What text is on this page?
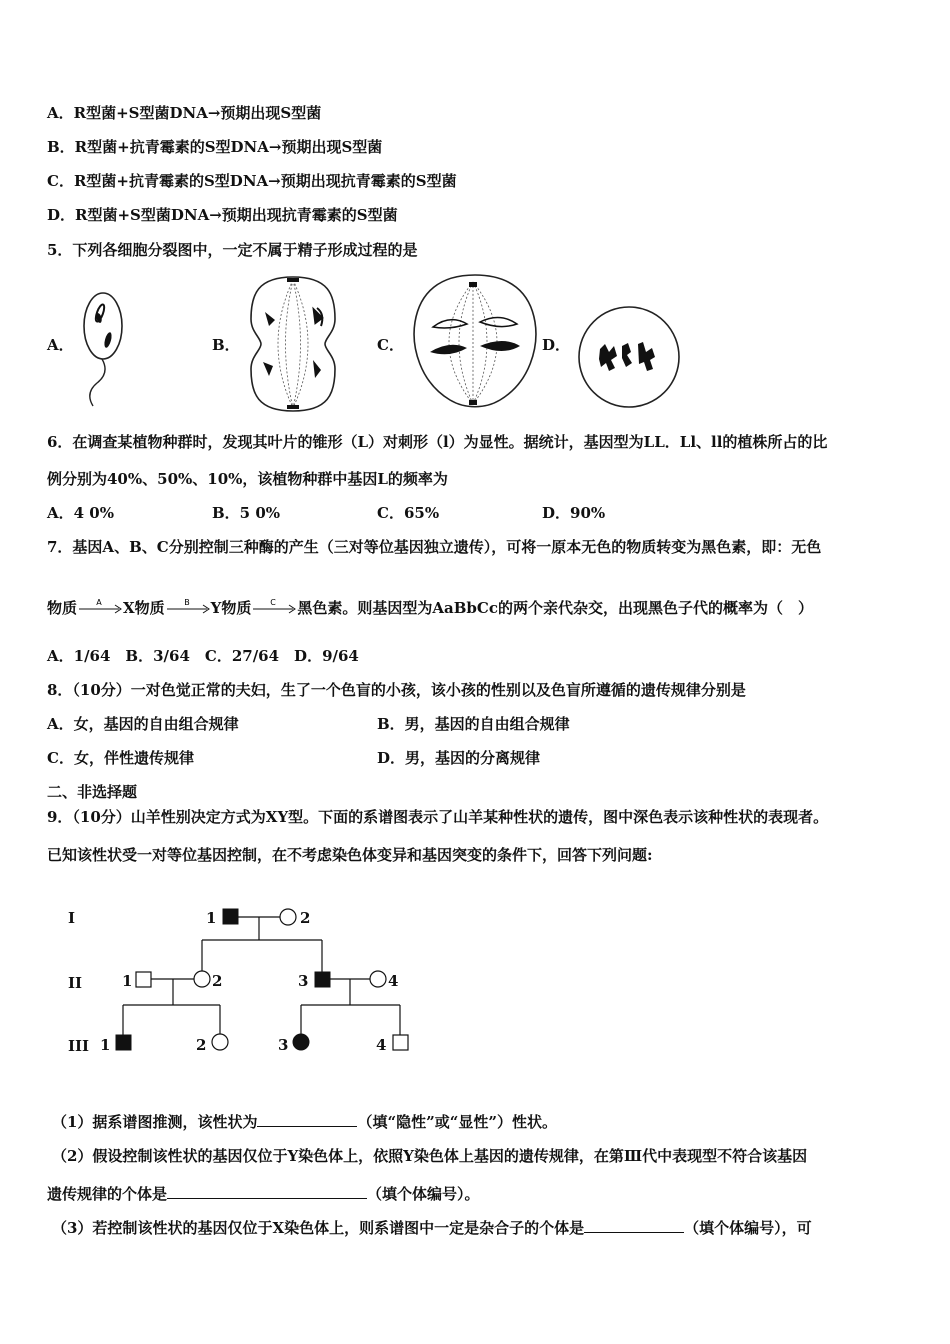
A．R型菌+S型菌DNA→预期出现S型菌
B．R型菌+抗青霉素的S型DNA→预期出现S型菌
C．R型菌+抗青霉素的S型DNA→预期出现抗青霉素的S型菌
D．R型菌+S型菌DNA→预期出现抗青霉素的S型菌
5．下列各细胞分裂图中，一定不属于精子形成过程的是
A．	B．	C．	D．
6．在调查某植物种群时，发现其叶片的锥形（L）对刺形（l）为显性。据统计，基因型为LL．Ll、ll的植株所占的比
例分别为40%、50%、10%，该植物种群中基因L的频率为
A．4 0%	B．5 0%	C．65%	D．90%
7．基因A、B、C分别控制三种酶的产生（三对等位基因独立遗传），可将一原本无色的物质转变为黑色素，即：无色
物质 A X物质 B Y物质 C 黑色素。则基因型为AaBbCc的两个亲代杂交，出现黑色子代的概率为（　）
A．1/64　B．3/64　C．27/64　D．9/64
8．（10分）一对色觉正常的夫妇，生了一个色盲的小孩，该小孩的性别以及色盲所遵循的遗传规律分别是
A．女，基因的自由组合规律	B．男，基因的自由组合规律
C．女，伴性遗传规律	D．男，基因的分离规律
二、非选择题
9．（10分）山羊性别决定方式为XY型。下面的系谱图表示了山羊某种性状的遗传，图中深色表示该种性状的表现者。
已知该性状受一对等位基因控制，在不考虑染色体变异和基因突变的条件下，回答下列问题:
I
II
III
1	2
1	2	3	4
1	2	3	4
（1）据系谱图推测，该性状为	（填“隐性”或“显性”）性状。
（2）假设控制该性状的基因仅位于Y染色体上，依照Y染色体上基因的遗传规律，在第Ⅲ代中表现型不符合该基因
遗传规律的个体是	（填个体编号）。
（3）若控制该性状的基因仅位于X染色体上，则系谱图中一定是杂合子的个体是	（填个体编号），可
